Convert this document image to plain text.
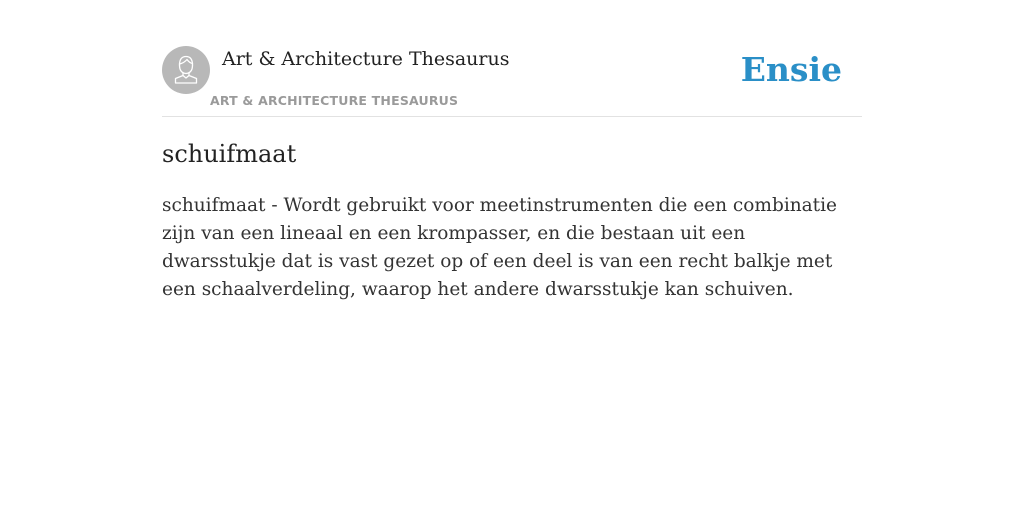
Art & Architecture Thesaurus
ART & ARCHITECTURE THESAURUS
Ensie
schuifmaat

schuifmaat - Wordt gebruikt voor meetinstrumenten die een combinatie zijn van een lineaal en een krompasser, en die bestaan uit een dwarsstukje dat is vast gezet op of een deel is van een recht balkje met een schaalverdeling, waarop het andere dwarsstukje kan schuiven.
